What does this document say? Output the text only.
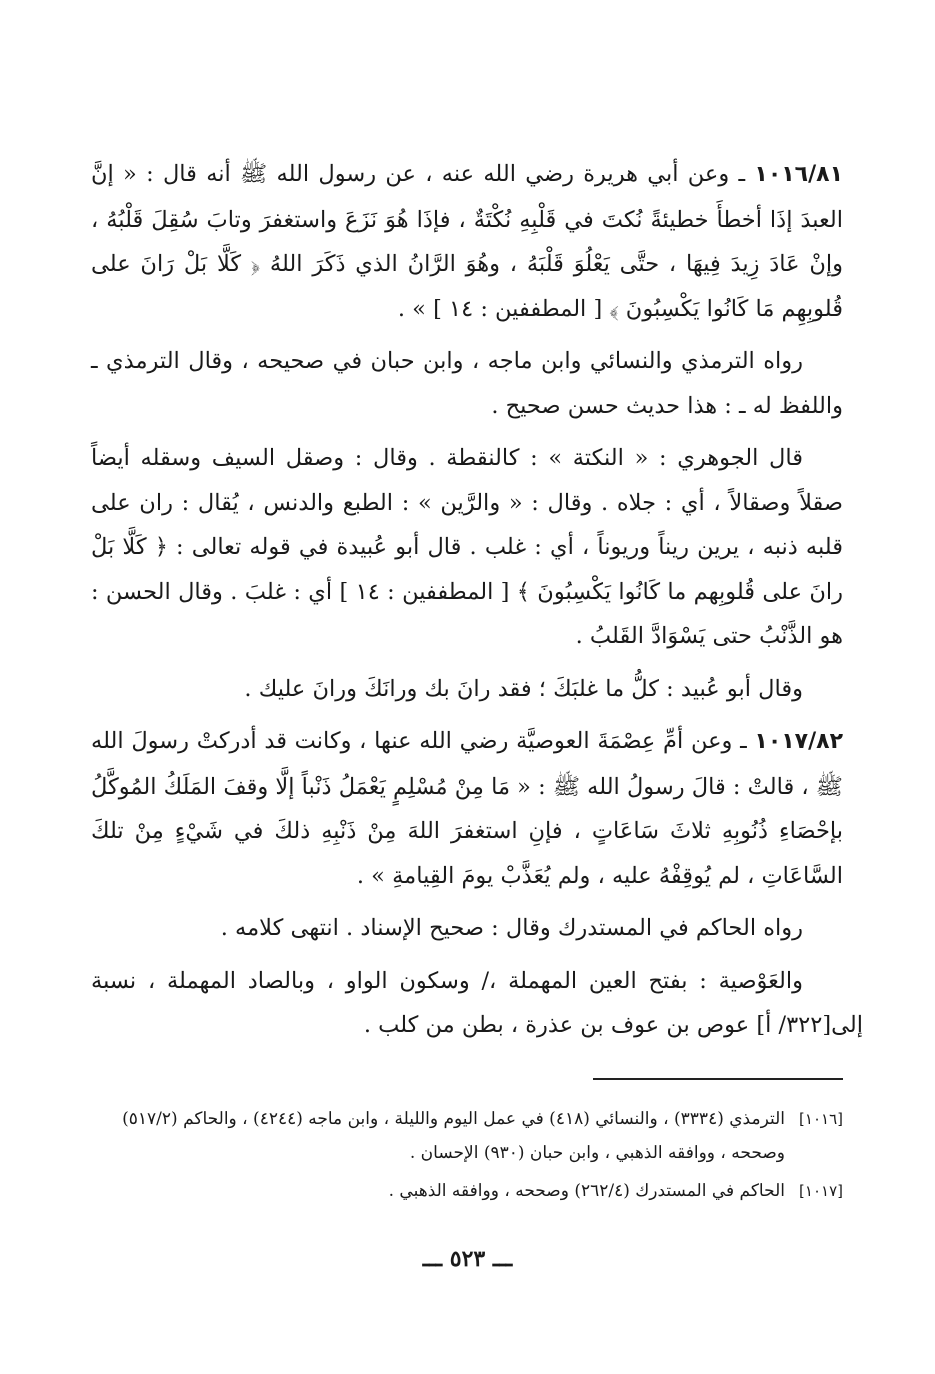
١٠١٦/٨١ ـ وعن أبي هريرة رضي الله عنه ، عن رسول الله ﷺ أنه قال : « إنَّ العبدَ إذَا أخطأَ خطيئةً نُكتَ في قَلْبِهِ نُكْتَةٌ ، فإذَا هُوَ نَزَعَ واستغفرَ وتابَ سُقِلَ قَلْبُهُ ، وإنْ عَادَ زِيدَ فِيهَا ، حتَّى يَعْلُوَ قَلْبَهُ ، وهُوَ الرَّانُ الذي ذَكَرَ اللهُ ﴿ كَلَّا بَلْ رَانَ على قُلوبِهِم مَا كَانُوا يَكْسِبُونَ ﴾ [ المطففين : ١٤ ] » .

رواه الترمذي والنسائي وابن ماجه ، وابن حبان في صحيحه ، وقال الترمذي ـ واللفظ له ـ : هذا حديث حسن صحيح .

قال الجوهري : « النكتة » : كالنقطة . وقال : وصقل السيف وسقله أيضاً صقلاً وصقالاً ، أي : جلاه . وقال : « والرَّين » : الطبع والدنس ، يُقال : ران على قلبه ذنبه ، يرين ريناً وريوناً ، أي : غلب . قال أبو عُبيدة في قوله تعالى : ﴿ كَلَّا بَلْ رانَ على قُلوبِهم ما كَانُوا يَكْسِبُونَ ﴾ [ المطففين : ١٤ ] أي : غلبَ . وقال الحسن : هو الذَّنْبُ حتى يَسْوَادَّ القَلبُ .

وقال أبو عُبيد : كلُّ ما غلبَكَ ؛ فقد رانَ بك ورانَكَ ورانَ عليك .

١٠١٧/٨٢ ـ وعن أمِّ عِصْمَةَ العوصيَّة رضي الله عنها ، وكانت قد أدركتْ رسولَ الله ﷺ ، قالتْ : قالَ رسولُ الله ﷺ : « مَا مِنْ مُسْلِمٍ يَعْمَلُ ذَنْباً إلَّا وقفَ المَلَكُ المُوكَّلُ بإحْصَاءِ ذُنُوبِهِ ثلاثَ سَاعَاتٍ ، فإنِ استغفرَ اللهَ مِنْ ذَنْبِهِ ذلكَ في شَيْءٍ مِنْ تلكَ السَّاعَاتِ ، لم يُوقِفْهُ عليه ، ولم يُعَذَّبْ يومَ القِيامةِ » .

رواه الحاكم في المستدرك وقال : صحيح الإسناد . انتهى كلامه .

والعَوْصية : بفتح العين المهملة ،/ وسكون الواو ، وبالصاد المهملة ، نسبة إلى[٣٢٢/ أ] عوص بن عوف بن عذرة ، بطن من كلب .

[١٠١٦]
الترمذي (٣٣٣٤) ، والنسائي (٤١٨) في عمل اليوم والليلة ، وابن ماجه (٤٢٤٤) ، والحاكم (٥١٧/٢) وصححه ، ووافقه الذهبي ، وابن حبان (٩٣٠) الإحسان .

[١٠١٧]
الحاكم في المستدرك (٢٦٢/٤) وصححه ، ووافقه الذهبي .

ـــ ٥٢٣ ـــ
